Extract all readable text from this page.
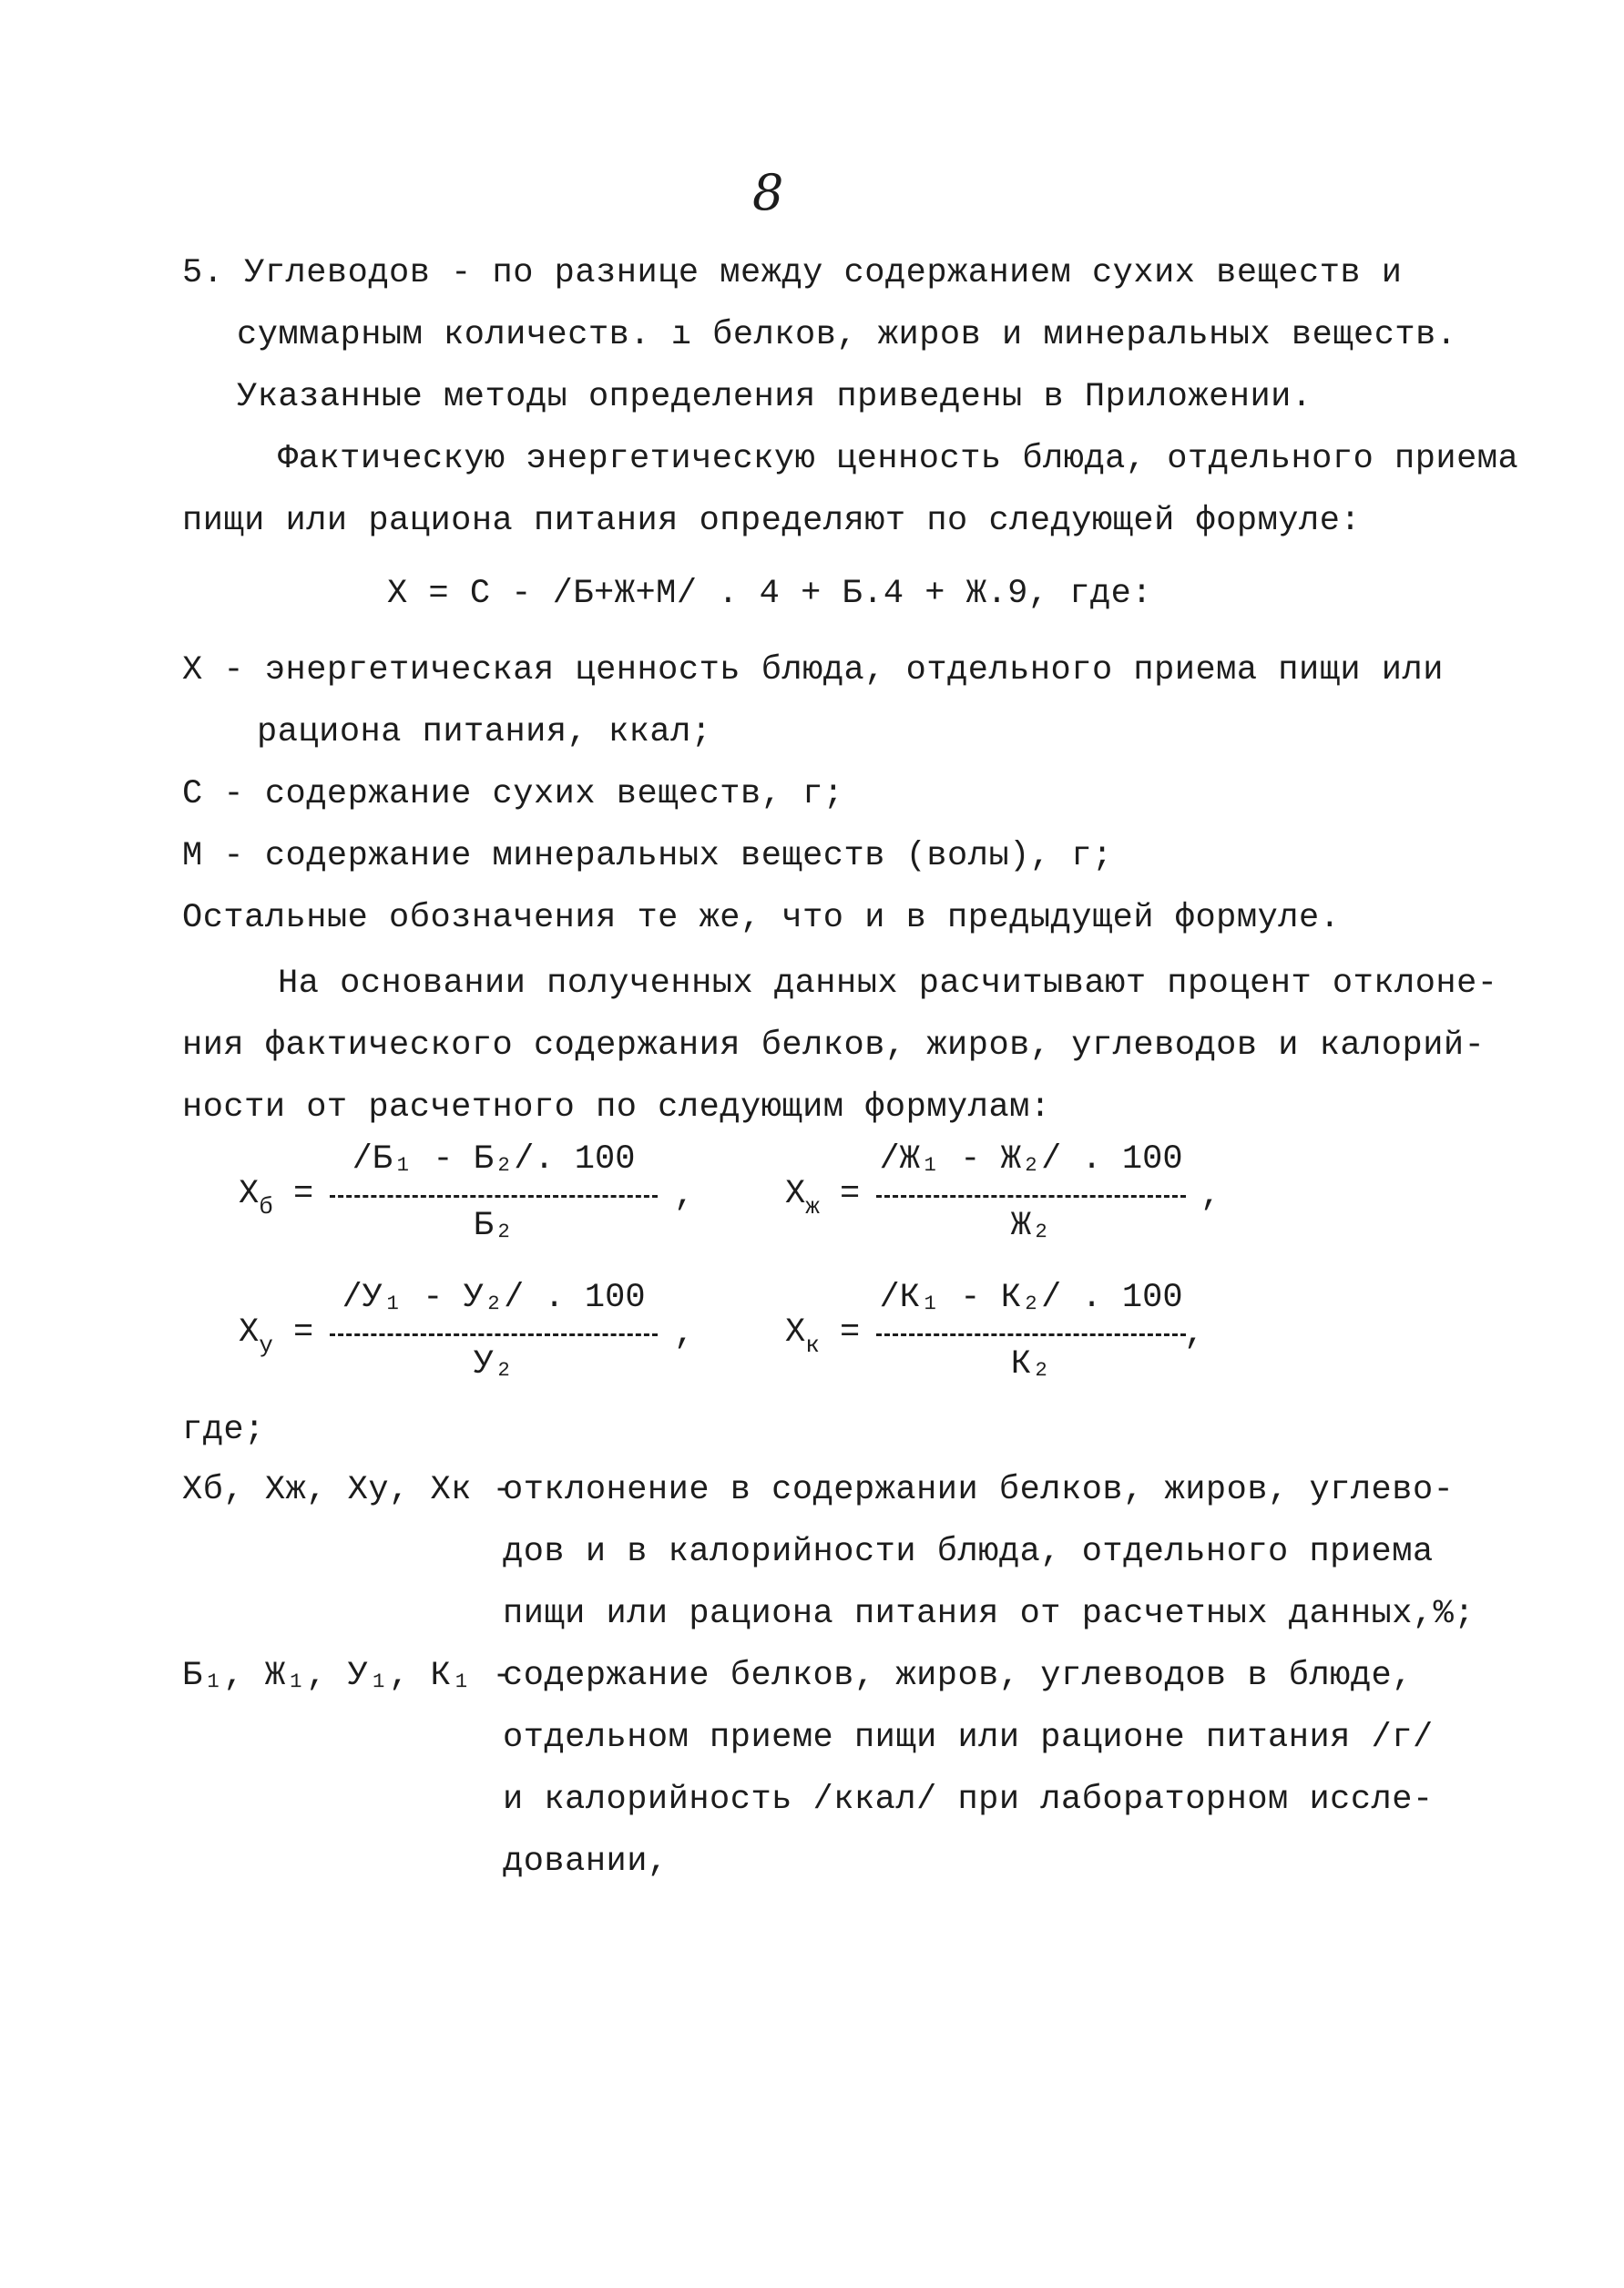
8
5. Углеводов - по разнице между содержанием сухих веществ и
суммарным количеств. ı белков, жиров и минеральных веществ.
Указанные методы определения приведены в Приложении.
Фактическую энергетическую ценность блюда, отдельного приема
пищи или рациона питания определяют по следующей формуле:
X = С - /Б+Ж+М/ . 4 + Б.4 + Ж.9, где:
Х - энергетическая ценность блюда, отдельного приема пищи или
рациона питания, ккал;
С - содержание сухих веществ, г;
М - содержание минеральных веществ (волы), г;
Остальные обозначения те же, что и в предыдущей формуле.
На основании полученных данных расчитывают процент отклоне-
ния фактического содержания белков, жиров, углеводов и калорий-
ности от расчетного по следующим формулам:
$Х_б$ =
/Б₁ - Б₂/. 100
Б₂
,	$Х_ж$ =
/Ж₁ - Ж₂/ . 100
Ж₂
,
$Х_у$ =
/У₁ - У₂/ . 100
У₂
,	$Х_к$ =
/К₁ - К₂/ . 100
К₂
,
где;
Хб, Хж, Ху, Хк -
отклонение в содержании белков, жиров, углево-
дов и в калорийности блюда, отдельного приема
пищи или рациона питания от расчетных данных,%;
Б₁, Ж₁, У₁, К₁ -
содержание белков, жиров, углеводов в блюде,
отдельном приеме пищи или рационе питания /г/
и калорийность /ккал/ при лабораторном иссле-
довании,
